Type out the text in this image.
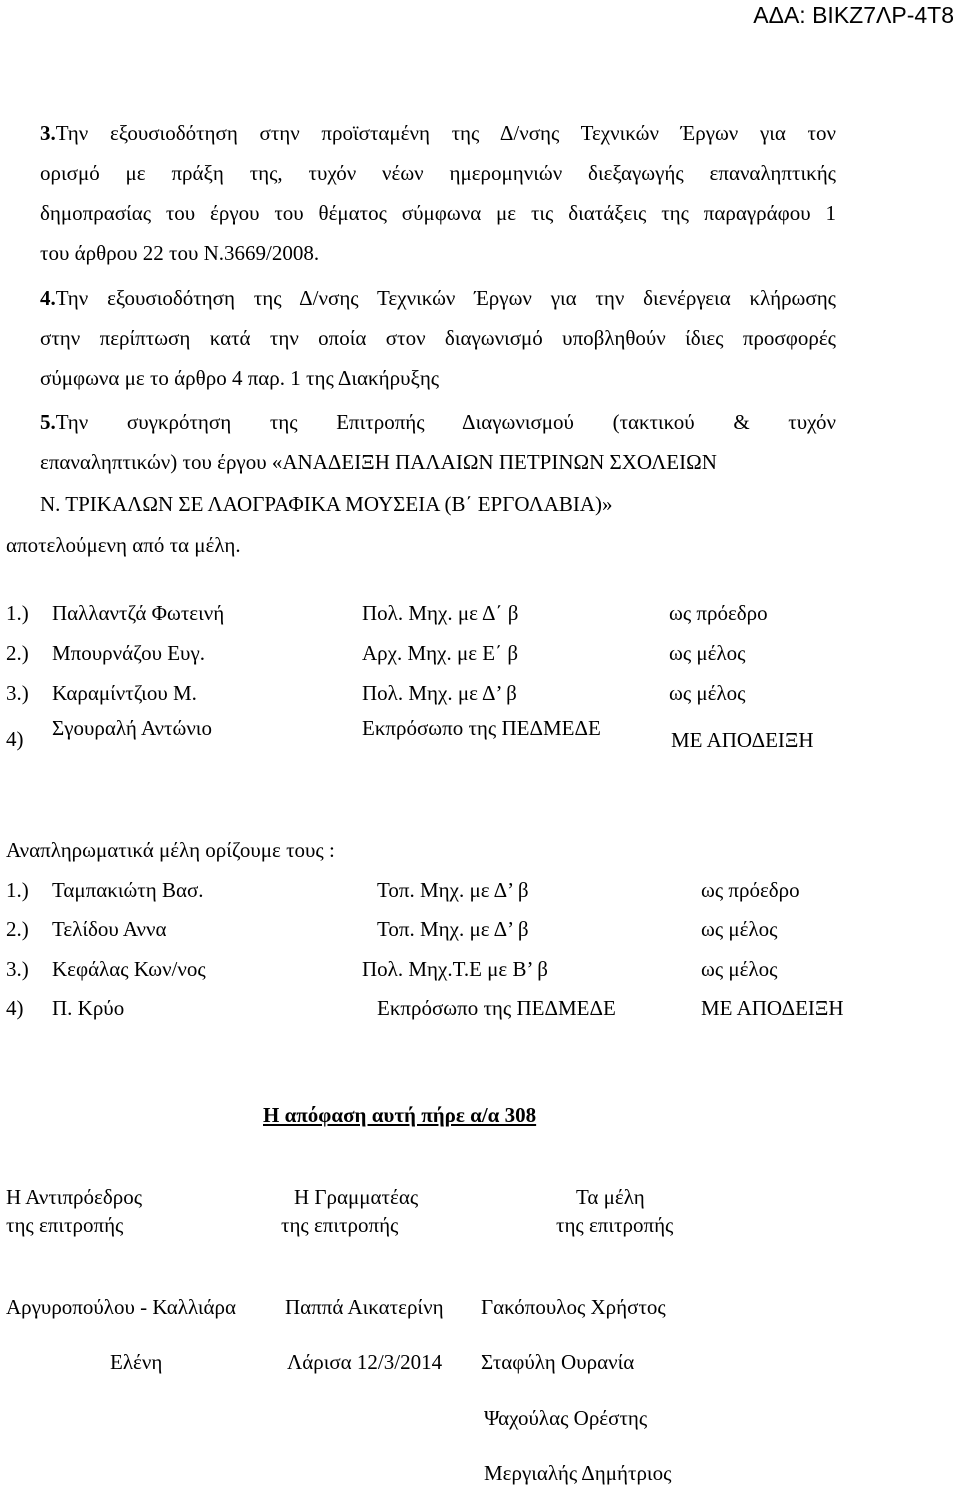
ΑΔΑ: ΒΙΚΖ7ΛΡ-4Τ8
3.Την εξουσιοδότηση στην προϊσταμένη της Δ/νσης Τεχνικών Έργων για τον
ορισμό με πράξη της, τυχόν νέων ημερομηνιών διεξαγωγής επαναληπτικής
δημοπρασίας του έργου του θέματος σύμφωνα με τις διατάξεις της παραγράφου 1
του άρθρου 22 του Ν.3669/2008.
4.Την εξουσιοδότηση της Δ/νσης Τεχνικών Έργων για την διενέργεια κλήρωσης
στην περίπτωση κατά την οποία στον διαγωνισμό υποβληθούν ίδιες προσφορές
σύμφωνα με το άρθρο 4 παρ. 1 της Διακήρυξης
5.Την συγκρότηση της Επιτροπής Διαγωνισμού (τακτικού & τυχόν
επαναληπτικών) του έργου «ΑΝΑΔΕΙΞΗ ΠΑΛΑΙΩΝ ΠΕΤΡΙΝΩΝ ΣΧΟΛΕΙΩΝ
Ν. ΤΡΙΚΑΛΩΝ ΣΕ ΛΑΟΓΡΑΦΙΚΑ ΜΟΥΣΕΙΑ (Β΄ ΕΡΓΟΛΑΒΙΑ)»
αποτελούμενη από τα μέλη.
1.) Παλλαντζά Φωτεινή	Πολ. Μηχ. με Δ΄ β	ως πρόεδρο
2.) Μπουρνάζου Ευγ.	Αρχ. Μηχ. με Ε΄ β	ως μέλος
3.) Καραμίντζιου Μ.	Πολ. Μηχ. με Δ’ β	ως μέλος
4) Σγουραλή Αντώνιο	Εκπρόσωπο της ΠΕΔΜΕΔΕ	ΜΕ ΑΠΟΔΕΙΞΗ
Αναπληρωματικά μέλη ορίζουμε τους :
1.) Ταμπακιώτη Βασ.	Τοπ. Μηχ. με Δ’ β	ως πρόεδρο
2.) Τελίδου Αννα	Τοπ. Μηχ. με Δ’ β	ως μέλος
3.) Κεφάλας Κων/νος	Πολ. Μηχ.Τ.Ε με Β’ β	ως μέλος
4) Π. Κρύο	Εκπρόσωπο της ΠΕΔΜΕΔΕ	ΜΕ ΑΠΟΔΕΙΞΗ
Η απόφαση αυτή πήρε α/α 308
Η Αντιπρόεδρος
της επιτροπής
Η Γραμματέας
της επιτροπής
Τα μέλη
της επιτροπής
Αργυροπούλου - Καλλιάρα
Ελένη
Παππά Αικατερίνη
Λάρισα 12/3/2014
Γακόπουλος Χρήστος
Σταφύλη Ουρανία
Ψαχούλας Ορέστης
Μεργιαλής Δημήτριος
